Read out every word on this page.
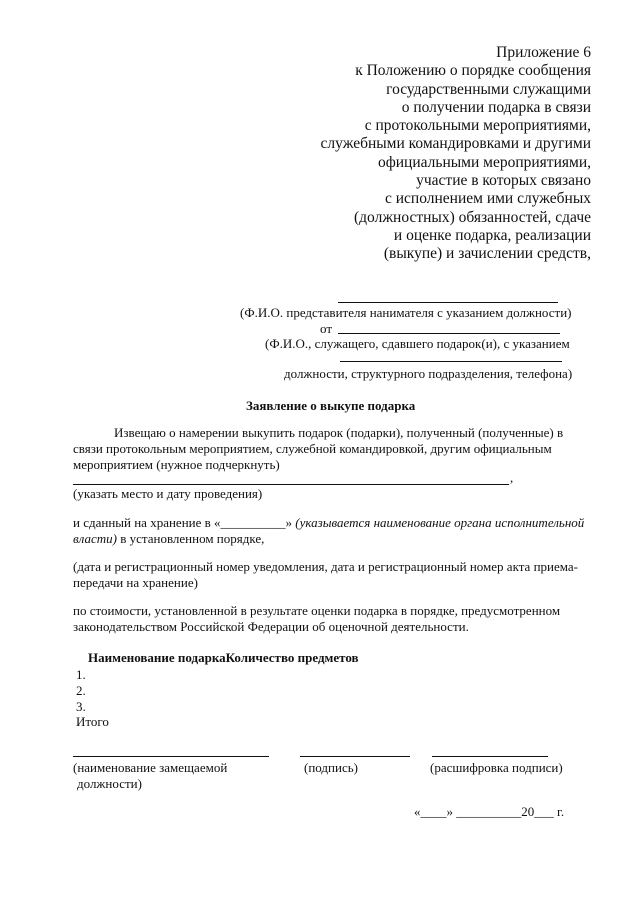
Приложение 6
к Положению о порядке сообщения
государственными служащими
о получении подарка в связи
с протокольными мероприятиями,
служебными командировками и другими
официальными мероприятиями,
участие в которых связано
с исполнением ими служебных
(должностных) обязанностей, сдаче
и оценке подарка, реализации
(выкупе) и зачислении средств,
(Ф.И.О. представителя нанимателя с указанием должности)
от
(Ф.И.О., служащего, сдавшего подарок(и), с указанием
должности, структурного подразделения, телефона)
Заявление о выкупе подарка
Извещаю о намерении выкупить подарок (подарки), полученный (полученные) в
связи протокольным мероприятием, служебной командировкой, другим официальным
мероприятием (нужное подчеркнуть)
,
(указать место и дату проведения)
и сданный на хранение в «__________» (указывается наименование органа исполнительной
власти) в установленном порядке,
(дата и регистрационный номер уведомления, дата и регистрационный номер акта приема-
передачи на хранение)
по стоимости, установленной в результате оценки подарка в порядке, предусмотренном
законодательством Российской Федерации об оценочной деятельности.
Наименование подаркаКоличество предметов
1.
2.
3.
Итого
(наименование замещаемой
должности)
(подпись)	(расшифровка подписи)
«____» __________20___ г.
